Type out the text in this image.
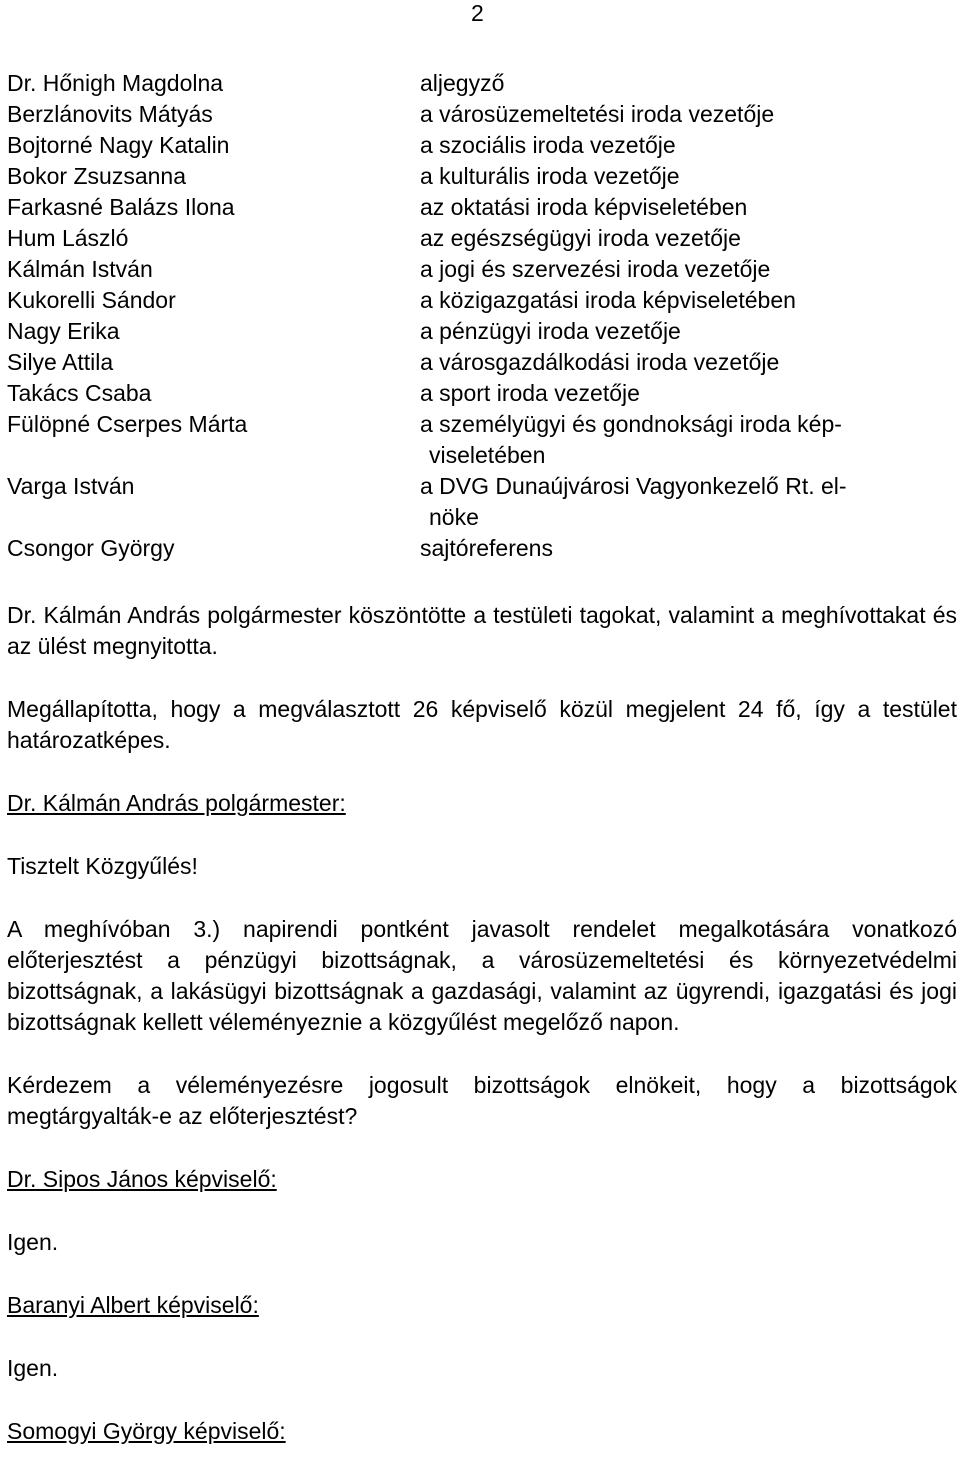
2
Dr. Hőnigh Magdolna	aljegyző
Berzlánovits Mátyás	a városüzemeltetési iroda vezetője
Bojtorné Nagy Katalin	a szociális iroda vezetője
Bokor Zsuzsanna	a kulturális iroda vezetője
Farkasné Balázs Ilona	az oktatási iroda képviseletében
Hum László	az egészségügyi iroda vezetője
Kálmán István	a jogi és szervezési iroda vezetője
Kukorelli Sándor	a közigazgatási iroda képviseletében
Nagy Erika	a pénzügyi iroda vezetője
Silye Attila	a városgazdálkodási iroda vezetője
Takács Csaba	a sport iroda vezetője
Fülöpné Cserpes Márta	a személyügyi és gondnoksági iroda kép-
viseletében
Varga István	a DVG Dunaújvárosi Vagyonkezelő Rt. el-
nöke
Csongor György	sajtóreferens

Dr. Kálmán András polgármester köszöntötte a testületi tagokat, valamint a meghívottakat és az ülést megnyitotta.

Megállapította, hogy a megválasztott 26 képviselő közül megjelent 24 fő, így a testület határozatképes.

Dr. Kálmán András polgármester:

Tisztelt Közgyűlés!

A meghívóban 3.) napirendi pontként javasolt rendelet megalkotására vonatkozó előterjesztést a pénzügyi bizottságnak, a városüzemeltetési és környezetvédelmi bizottságnak, a lakásügyi bizottságnak a gazdasági, valamint az ügyrendi, igazgatási és jogi bizottságnak kellett véleményeznie a közgyűlést megelőző napon.

Kérdezem a véleményezésre jogosult bizottságok elnökeit, hogy a bizottságok megtárgyalták-e az előterjesztést?

Dr. Sipos János képviselő:

Igen.

Baranyi Albert képviselő:

Igen.

Somogyi György képviselő:
